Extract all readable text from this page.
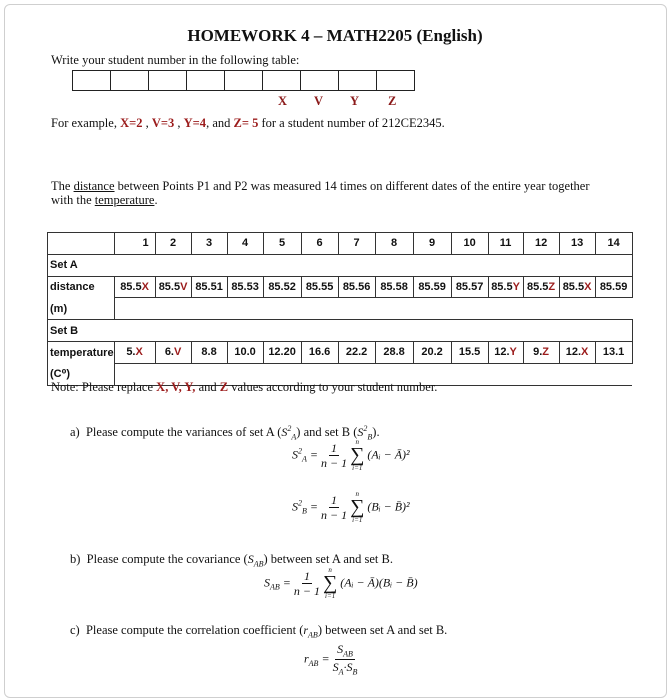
HOMEWORK 4 – MATH2205 (English)
Write your student number in the following table:
X V Y Z
For example, X=2 , V=3 , Y=4, and Z= 5 for a student number of 212CE2345.
The distance between Points P1 and P2 was measured 14 times on different dates of the entire year together
with the temperature.
	1	2	3	4	5	6	7	8	9	10	11	12	13	14
Set A														
distance	85.5X	85.5V	85.51	85.53	85.52	85.55	85.56	85.58	85.59	85.57	85.5Y	85.5Z	85.5X	85.59
(m)														
Set B														
temperature	5.X	6.V	8.8	10.0	12.20	16.6	22.2	28.8	20.2	15.5	12.Y	9.Z	12.X	13.1
(C⁰)														
Note: Please replace X, V, Y, and Z values according to your student number.
a) Please compute the variances of set A $(S^2_A)$ and set B $(S^2_B)$.
$S^2_A = \frac{1}{n - 1}$
n
∑
i=1
(Aᵢ − Ā)²
$S^2_B = \frac{1}{n - 1}$
n
∑
i=1
(Bᵢ − B̄)²
b) Please compute the covariance $(S_{AB})$ between set A and set B.
$S_{AB} = \frac{1}{n - 1}$
n
∑
i=1
(Aᵢ − Ā)(Bᵢ − B̄)
c) Please compute the correlation coefficient $(r_{AB})$ between set A and set B.
$r_{AB} = \frac{S_{AB}}{S_A\cdot S_B}$
